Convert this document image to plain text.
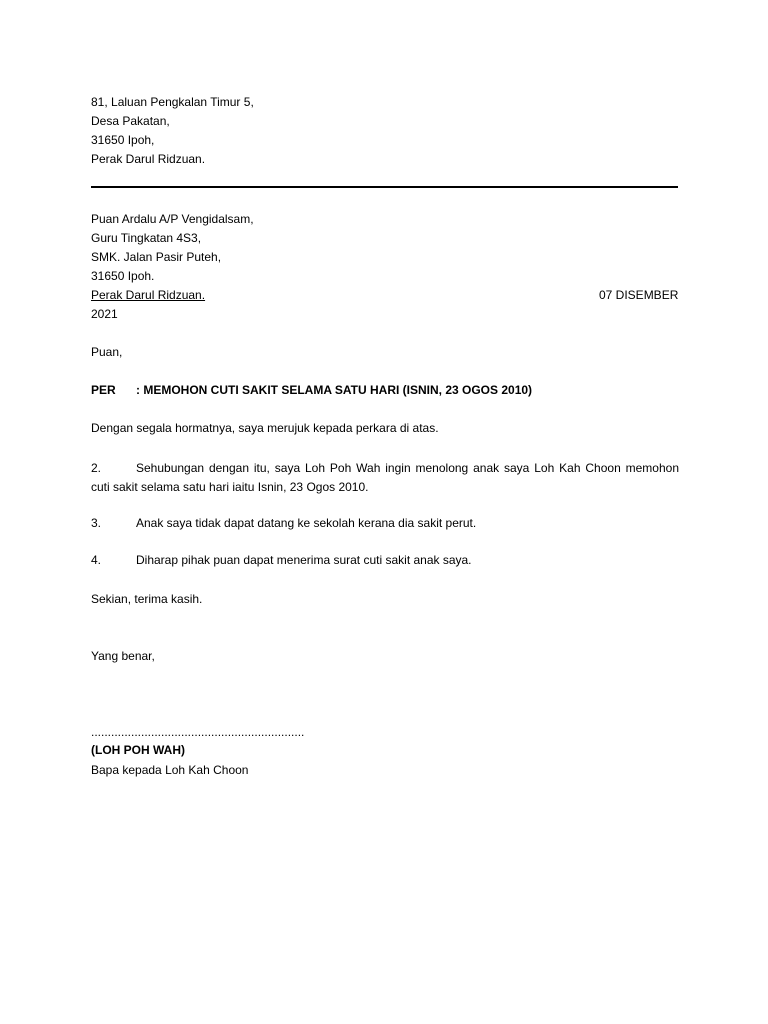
81, Laluan Pengkalan Timur 5,
Desa Pakatan,
31650 Ipoh,
Perak Darul Ridzuan.
Puan Ardalu A/P Vengidalsam,
Guru Tingkatan 4S3,
SMK. Jalan Pasir Puteh,
31650 Ipoh.
Perak Darul Ridzuan.	07 DISEMBER
2021
Puan,
PER : MEMOHON CUTI SAKIT SELAMA SATU HARI (ISNIN, 23 OGOS 2010)
Dengan segala hormatnya, saya merujuk kepada perkara di atas.
2.	Sehubungan dengan itu, saya Loh Poh Wah ingin menolong anak saya Loh Kah Choon memohon cuti sakit selama satu hari iaitu Isnin, 23 Ogos 2010.
3.	Anak saya tidak dapat datang ke sekolah kerana dia sakit perut.
4.	Diharap pihak puan dapat menerima surat cuti sakit anak saya.
Sekian, terima kasih.
Yang benar,
................................................................
(LOH POH WAH)
Bapa kepada Loh Kah Choon
